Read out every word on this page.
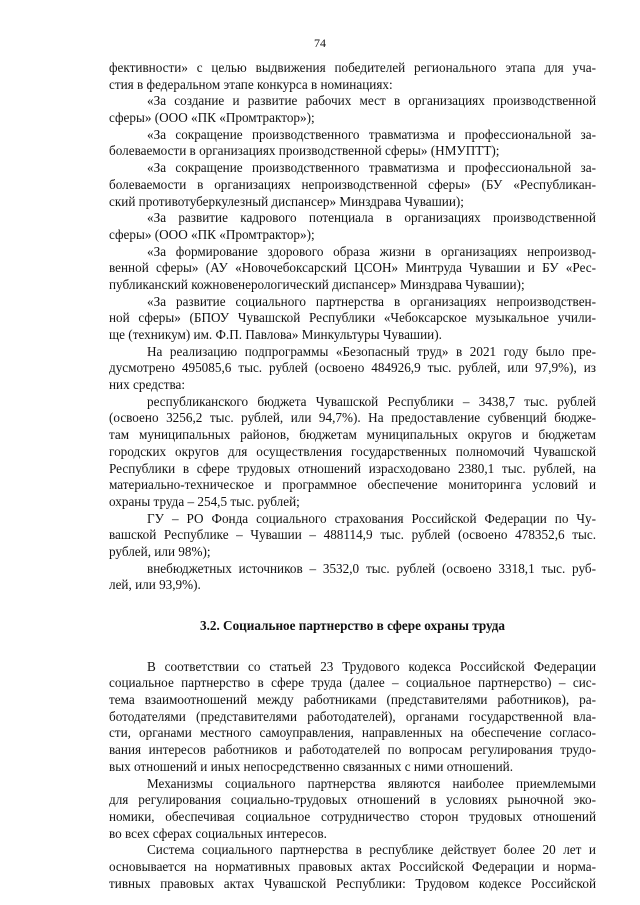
74
фективности» с целью выдвижения победителей регионального этапа для уча-
стия в федеральном этапе конкурса в номинациях:
«За создание и развитие рабочих мест в организациях производственной
сферы» (ООО «ПК «Промтрактор»);
«За сокращение производственного травматизма и профессиональной за-
болеваемости в организациях производственной сферы» (НМУПТТ);
«За сокращение производственного травматизма и профессиональной за-
болеваемости в организациях непроизводственной сферы» (БУ «Республикан-
ский противотуберкулезный диспансер» Минздрава Чувашии);
«За развитие кадрового потенциала в организациях производственной
сферы» (ООО «ПК «Промтрактор»);
«За формирование здорового образа жизни в организациях непроизвод-
венной сферы» (АУ «Новочебоксарский ЦСОН» Минтруда Чувашии и БУ «Рес-
публиканский кожновенерологический диспансер» Минздрава Чувашии);
«За развитие социального партнерства в организациях непроизводствен-
ной сферы» (БПОУ Чувашской Республики «Чебоксарское музыкальное учили-
ще (техникум) им. Ф.П. Павлова» Минкультуры Чувашии).
На реализацию подпрограммы «Безопасный труд» в 2021 году было пре-
дусмотрено 495085,6 тыс. рублей (освоено 484926,9 тыс. рублей, или 97,9%), из
них средства:
республиканского бюджета Чувашской Республики – 3438,7 тыс. рублей
(освоено 3256,2 тыс. рублей, или 94,7%). На предоставление субвенций бюдже-
там муниципальных районов, бюджетам муниципальных округов и бюджетам
городских округов для осуществления государственных полномочий Чувашской
Республики в сфере трудовых отношений израсходовано 2380,1 тыс. рублей, на
материально-техническое и программное обеспечение мониторинга условий и
охраны труда – 254,5 тыс. рублей;
ГУ – РО Фонда социального страхования Российской Федерации по Чу-
вашской Республике – Чувашии – 488114,9 тыс. рублей (освоено 478352,6 тыс.
рублей, или 98%);
внебюджетных источников – 3532,0 тыс. рублей (освоено 3318,1 тыс. руб-
лей, или 93,9%).
3.2. Социальное партнерство в сфере охраны труда
В соответствии со статьей 23 Трудового кодекса Российской Федерации
социальное партнерство в сфере труда (далее – социальное партнерство) – сис-
тема взаимоотношений между работниками (представителями работников), ра-
ботодателями (представителями работодателей), органами государственной вла-
сти, органами местного самоуправления, направленных на обеспечение согласо-
вания интересов работников и работодателей по вопросам регулирования трудо-
вых отношений и иных непосредственно связанных с ними отношений.
Механизмы социального партнерства являются наиболее приемлемыми
для регулирования социально-трудовых отношений в условиях рыночной эко-
номики, обеспечивая социальное сотрудничество сторон трудовых отношений
во всех сферах социальных интересов.
Система социального партнерства в республике действует более 20 лет и
основывается на нормативных правовых актах Российской Федерации и норма-
тивных правовых актах Чувашской Республики: Трудовом кодексе Российской
